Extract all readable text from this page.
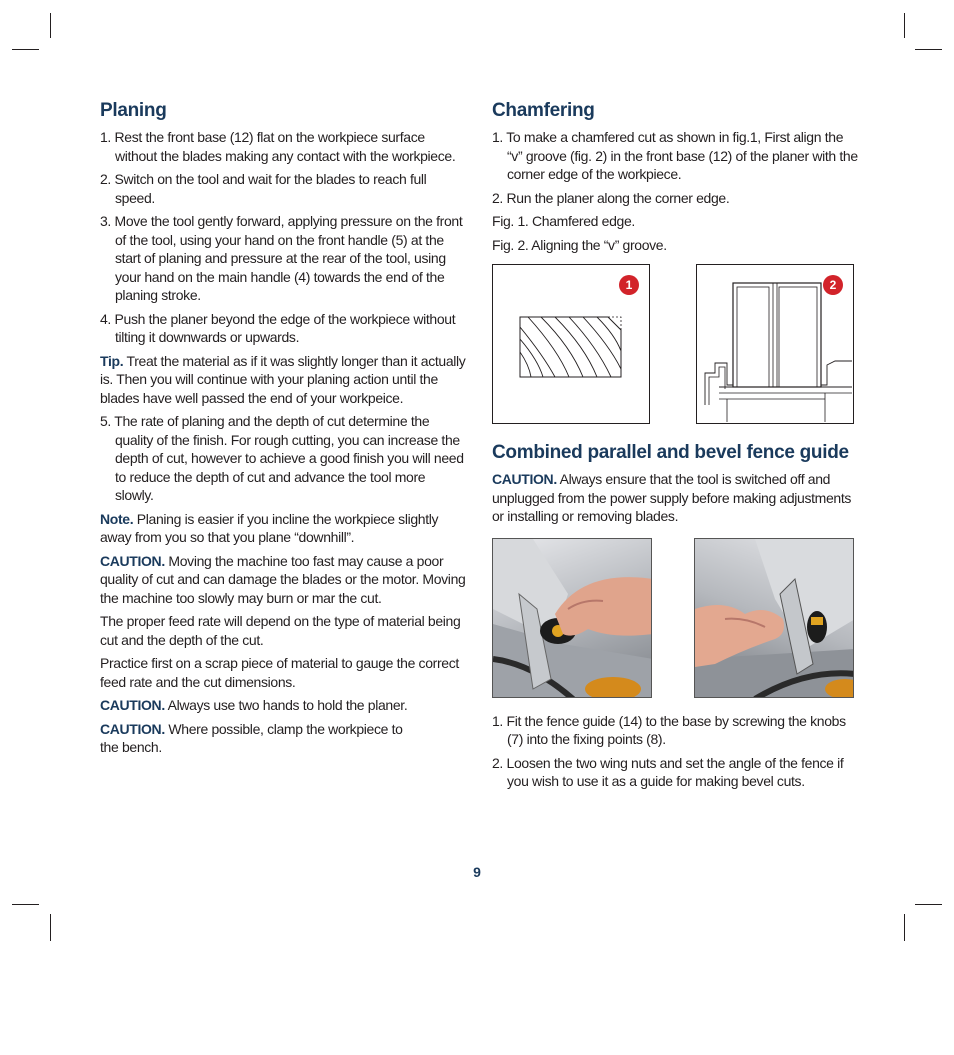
Planing
1. Rest the front base (12) flat on the workpiece surface without the blades making any contact with the workpiece.
2. Switch on the tool and wait for the blades to reach full speed.
3. Move the tool gently forward, applying pressure on the front of the tool, using your hand on the front handle (5) at the start of planing and pressure at the rear of the tool, using your hand on the main handle (4) towards the end of the planing stroke.
4. Push the planer beyond the edge of the workpiece without tilting it downwards or upwards.

Tip. Treat the material as if it was slightly longer than it actually is. Then you will continue with your planing action until the blades have well passed the end of your workpeice.

5. The rate of planing and the depth of cut determine the quality of the finish. For rough cutting, you can increase the depth of cut, however to achieve a good finish you will need to reduce the depth of cut and advance the tool more slowly.

Note. Planing is easier if you incline the workpiece slightly away from you so that you plane “downhill”.

CAUTION. Moving the machine too fast may cause a poor quality of cut and can damage the blades or the motor. Moving the machine too slowly may burn or mar the cut.

The proper feed rate will depend on the type of material being cut and the depth of the cut.

Practice first on a scrap piece of material to gauge the correct feed rate and the cut dimensions.

CAUTION. Always use two hands to hold the planer.

CAUTION. Where possible, clamp the workpiece to the bench.

Chamfering
1. To make a chamfered cut as shown in fig.1, First align the “v” groove (fig. 2) in the front base (12) of the planer with the corner edge of the workpiece.
2. Run the planer along the corner edge.

Fig. 1. Chamfered edge.

Fig. 2. Aligning the “v” groove.

1	2
Combined parallel and bevel fence guide

CAUTION. Always ensure that the tool is switched off and unplugged from the power supply before making adjustments or installing or removing blades.

1. Fit the fence guide (14) to the base by screwing the knobs (7) into the fixing points (8).
2. Loosen the two wing nuts and set the angle of the fence if you wish to use it as a guide for making bevel cuts.
9
